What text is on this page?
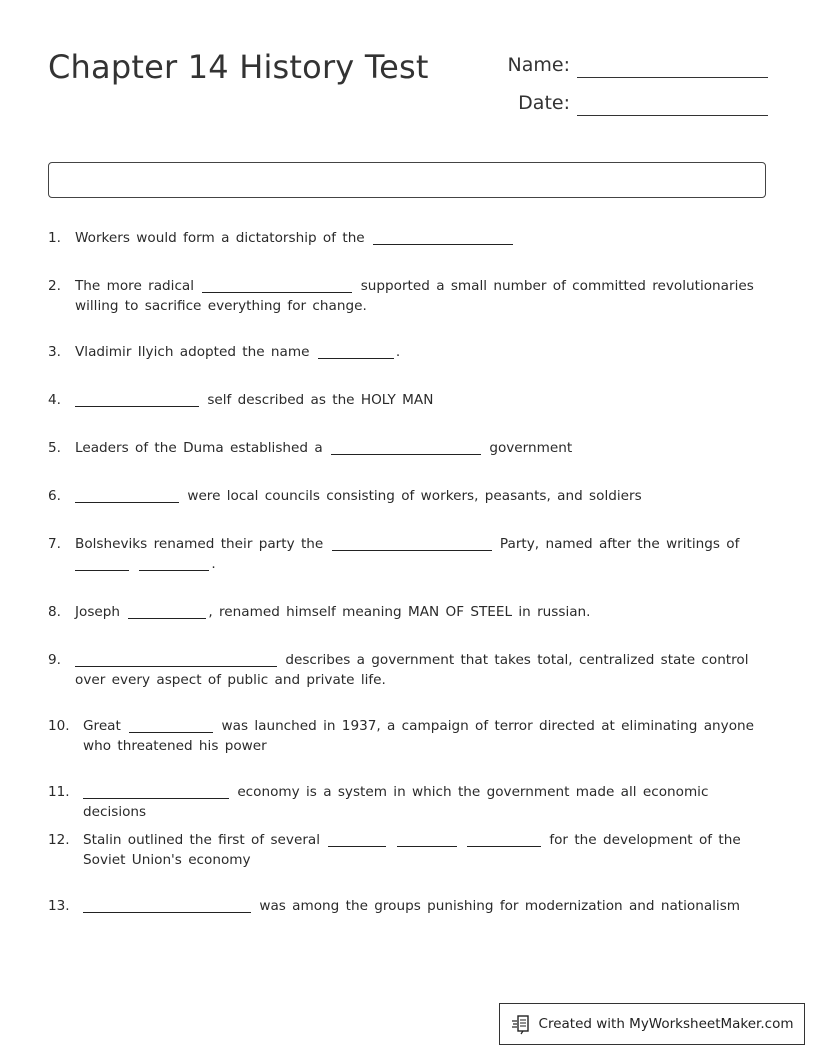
Chapter 14 History Test	Name:
Date:
1. Workers would form a dictatorship of the
2. The more radical	supported a small number of committed revolutionaries willing to sacrifice everything for change.
3. Vladimir Ilyich adopted the name	.
4.	self described as the HOLY MAN
5. Leaders of the Duma established a	government
6.	were local councils consisting of workers, peasants, and soldiers
7. Bolsheviks renamed their party the	Party, named after the writings of  .
8. Joseph	, renamed himself meaning MAN OF STEEL in russian.
9.	describes a government that takes total, centralized state control over every aspect of public and private life.
10. Great	was launched in 1937, a campaign of terror directed at eliminating anyone who threatened his power
11.	economy is a system in which the government made all economic decisions
12. Stalin outlined the first of several	for the development of the Soviet Union's economy
13.	was among the groups punishing for modernization and nationalism
Created with MyWorksheetMaker.com
